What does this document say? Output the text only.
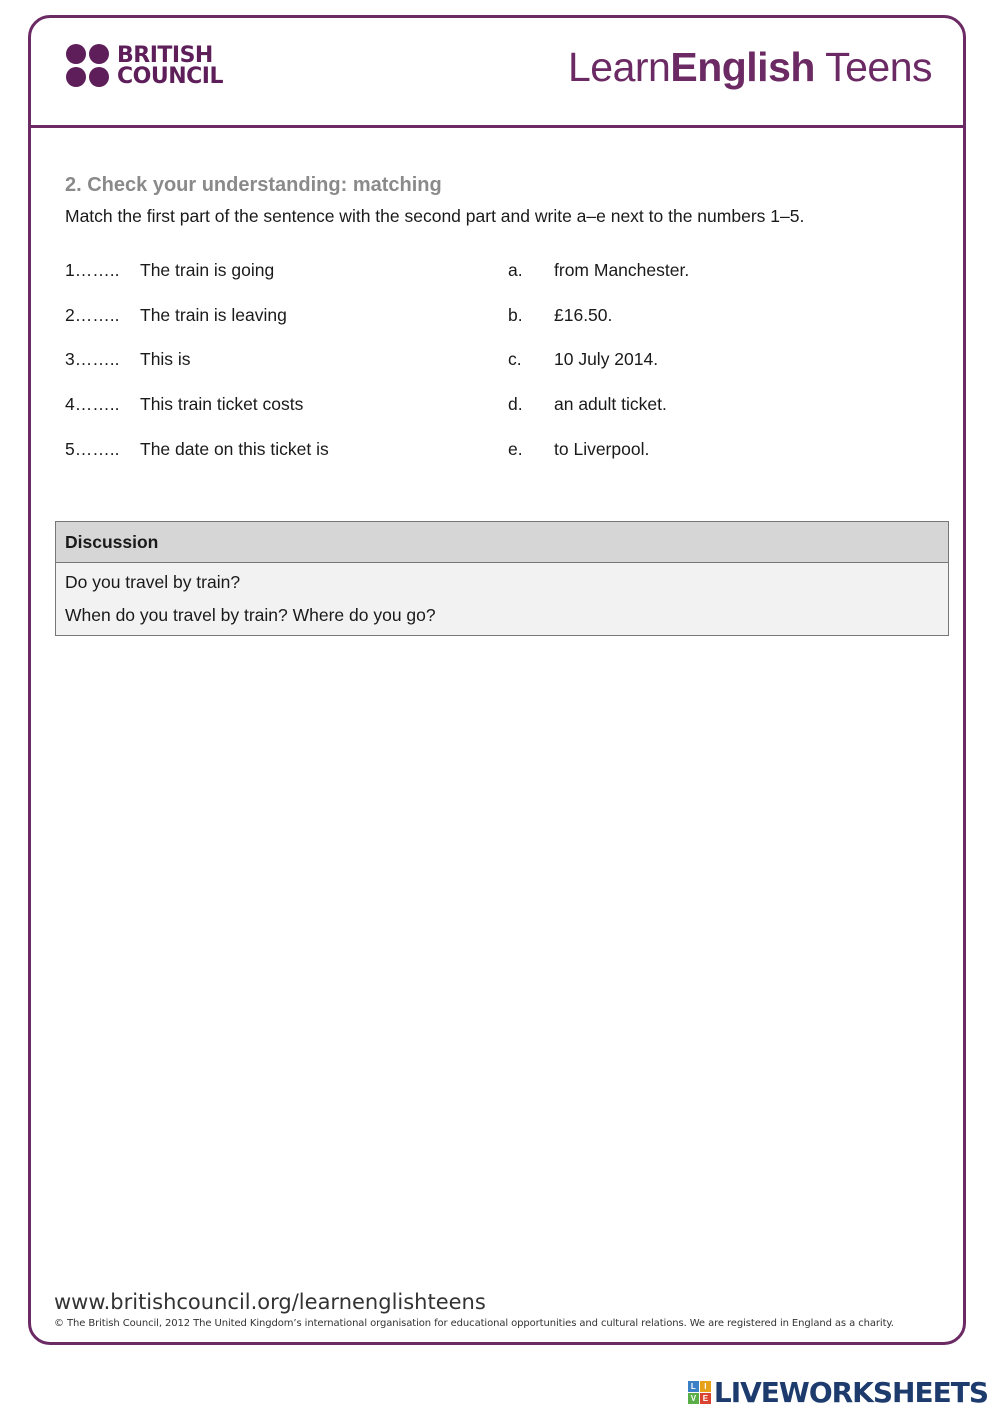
BRITISH
COUNCIL	LearnEnglish Teens
2. Check your understanding: matching
Match the first part of the sentence with the second part and write a–e next to the numbers 1–5.
1…….. The train is going	a. from Manchester.
2…….. The train is leaving	b. £16.50.
3…….. This is	c. 10 July 2014.
4…….. This train ticket costs	d. an adult ticket.
5…….. The date on this ticket is	e. to Liverpool.
Discussion
Do you travel by train?
When do you travel by train? Where do you go?
www.britishcouncil.org/learnenglishteens
© The British Council, 2012 The United Kingdom’s international organisation for educational opportunities and cultural relations. We are registered in England as a charity.
L	I
V E LIVEWORKSHEETS
